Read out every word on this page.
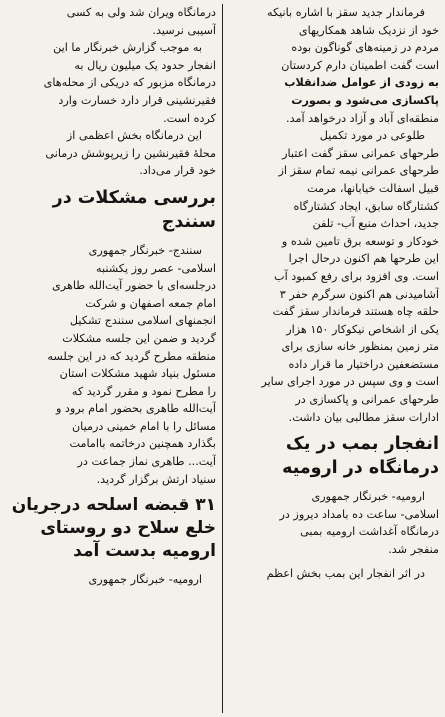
فرماندار جدید سقز با اشاره بانیکه

خود از نزدیک شاهد همکاریهای

مردم در زمینه‌های گوناگون بوده

است گفت اطمینان دارم کردستان

به زودی از عوامل ضدانقلاب

پاکسازی می‌شود و بصورت

منطقه‌ای آباد و آزاد درخواهد آمد.

طلوعی در مورد تکمیل

طرحهای عمرانی سقز گفت اعتبار

طرحهای عمرانی نیمه تمام سقز از

قبیل اسفالت خیابانها، مرمت

کشتارگاه سابق، ایجاد کشتارگاه

جدید، احداث منبع آب- تلفن

خودکار و توسعه برق تامین شده و

این طرحها هم اکنون درحال اجرا

است. وی افزود برای رفع کمبود آب

آشامیدنی هم اکنون سرگرم حفر ۳

حلقه چاه هستند فرماندار سقز گفت

یکی از اشخاص نیکوکار ۱۵۰ هزار

متر زمین بمنظور خانه سازی برای

مستضعفین دراختیار ما قرار داده

است و وی سپس در مورد اجرای سایر

طرحهای عمرانی و پاکسازی در

ادارات سقز مطالبی بیان داشت.

انفجار بمب در یک
درمانگاه در ارومیه

ارومیه- خبرنگار جمهوری

اسلامی- ساعت ده بامداد دیروز در

درمانگاه آغداشت ارومیه بمبی

منفجر شد.

در اثر انفجار این بمب بخش اعظم

درمانگاه ویران شد ولی به کسی

آسیبی نرسید.

به موجب گزارش خبرنگار ما این

انفجار حدود یک میلیون ریال به

درمانگاه مزبور که دریکی از محله‌های

فقیرنشینی قرار دارد خسارت وارد

کرده است.

این درمانگاه بخش اعظمی از

محلهٔ فقیرنشین را زیرپوشش درمانی

خود قرار می‌داد.

بررسی مشکلات در
سنندج

سنندج- خبرنگار جمهوری

اسلامی- عصر روز یکشنبه

درجلسه‌ای با حضور آیت‌الله طاهری

امام جمعه اصفهان و شرکت

انجمنهای اسلامی سنندج تشکیل

گردید و ضمن این جلسه مشکلات

منطقه مطرح گردید که در این جلسه

مسئول بنیاد شهید مشکلات استان

را مطرح نمود و مقرر گردید که

آیت‌الله طاهری بحضور امام برود و

مسائل را با امام خمینی درمیان

بگذارد همچنین درخاتمه باامامت

آیت... طاهری نماز جماعت در

سنیاد ارتش برگزار گردید.

۳۱ قبضه اسلحه درجریان
خلع سلاح دو روستای
ارومیه بدست آمد

ارومیه- خبرنگار جمهوری
